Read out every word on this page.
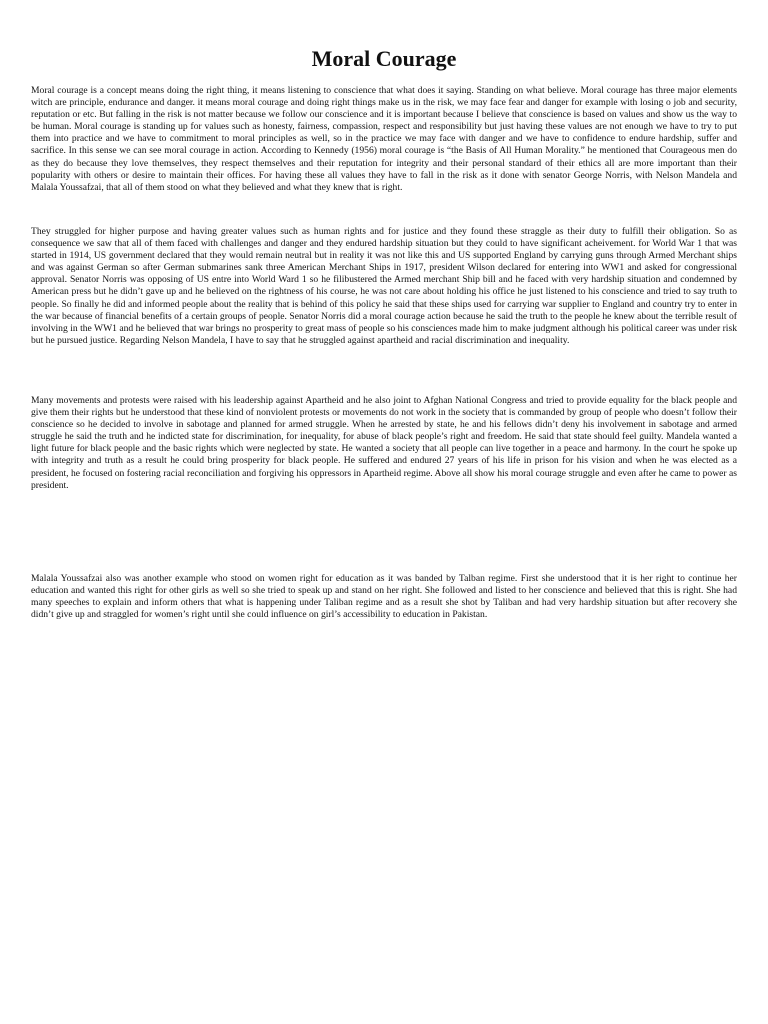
Moral Courage

Moral courage is a concept means doing the right thing, it means listening to conscience that what does it saying. Standing on what believe. Moral courage has three major elements witch are principle, endurance and danger. it means moral courage and doing right things make us in the risk, we may face fear and danger for example with losing o job and security, reputation or etc. But falling in the risk is not matter because we follow our conscience and it is important because I believe that conscience is based on values and show us the way to be human. Moral courage is standing up for values such as honesty, fairness, compassion, respect and responsibility but just having these values are not enough we have to try to put them into practice and we have to commitment to moral principles as well, so in the practice we may face with danger and we have to confidence to endure hardship, suffer and sacrifice. In this sense we can see moral courage in action. According to Kennedy (1956) moral courage is “the Basis of All Human Morality.” he mentioned that Courageous men do as they do because they love themselves, they respect themselves and their reputation for integrity and their personal standard of their ethics all are more important than their popularity with others or desire to maintain their offices. For having these all values they have to fall in the risk as it done with senator George Norris, with Nelson Mandela and Malala Youssafzai, that all of them stood on what they believed and what they knew that is right.

They struggled for higher purpose and having greater values such as human rights and for justice and they found these straggle as their duty to fulfill their obligation. So as consequence we saw that all of them faced with challenges and danger and they endured hardship situation but they could to have significant acheivement. for World War 1 that was started in 1914, US government declared that they would remain neutral but in reality it was not like this and US supported England by carrying guns through Armed Merchant ships and was against German so after German submarines sank three American Merchant Ships in 1917, president Wilson declared for entering into WW1 and asked for congressional approval. Senator Norris was opposing of US entre into World Ward 1 so he filibustered the Armed merchant Ship bill and he faced with very hardship situation and condemned by American press but he didn’t gave up and he believed on the rightness of his course, he was not care about holding his office he just listened to his conscience and tried to say truth to people. So finally he did and informed people about the reality that is behind of this policy he said that these ships used for carrying war supplier to England and country try to enter in the war because of financial benefits of a certain groups of people. Senator Norris did a moral courage action because he said the truth to the people he knew about the terrible result of involving in the WW1 and he believed that war brings no prosperity to great mass of people so his consciences made him to make judgment although his political career was under risk but he pursued justice. Regarding Nelson Mandela, I have to say that he struggled against apartheid and racial discrimination and inequality.

Many movements and protests were raised with his leadership against Apartheid and he also joint to Afghan National Congress and tried to provide equality for the black people and give them their rights but he understood that these kind of nonviolent protests or movements do not work in the society that is commanded by group of people who doesn’t follow their conscience so he decided to involve in sabotage and planned for armed struggle. When he arrested by state, he and his fellows didn’t deny his involvement in sabotage and armed struggle he said the truth and he indicted state for discrimination, for inequality, for abuse of black people’s right and freedom. He said that state should feel guilty. Mandela wanted a light future for black people and the basic rights which were neglected by state. He wanted a society that all people can live together in a peace and harmony. In the court he spoke up with integrity and truth as a result he could bring prosperity for black people. He suffered and endured 27 years of his life in prison for his vision and when he was elected as a president, he focused on fostering racial reconciliation and forgiving his oppressors in Apartheid regime. Above all show his moral courage struggle and even after he came to power as president.

Malala Youssafzai also was another example who stood on women right for education as it was banded by Talban regime. First she understood that it is her right to continue her education and wanted this right for other girls as well so she tried to speak up and stand on her right. She followed and listed to her conscience and believed that this is right. She had many speeches to explain and inform others that what is happening under Taliban regime and as a result she shot by Taliban and had very hardship situation but after recovery she didn’t give up and straggled for women’s right until she could influence on girl’s accessibility to education in Pakistan.
